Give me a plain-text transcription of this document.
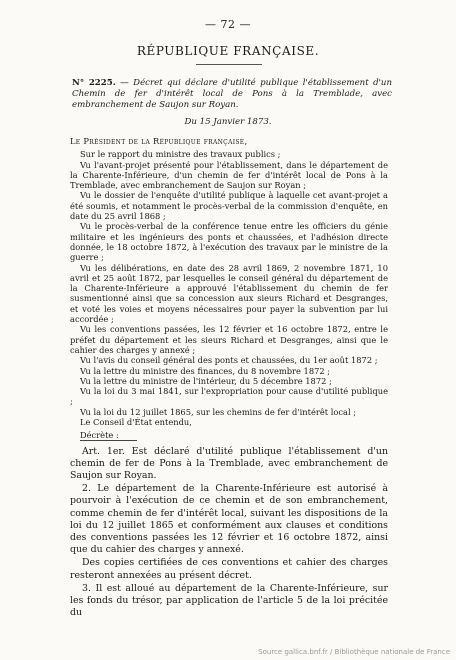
— 72 —
RÉPUBLIQUE FRANÇAISE.
N° 2225. — Décret qui déclare d'utilité publique l'établissement d'un Chemin de fer d'intérêt local de Pons à la Tremblade, avec embranchement de Saujon sur Royan.
Du 15 Janvier 1873.

Le Président de la République française,

Sur le rapport du ministre des travaux publics ;

Vu l'avant-projet présenté pour l'établissement, dans le département de la Charente-Inférieure, d'un chemin de fer d'intérêt local de Pons à la Tremblade, avec embranchement de Saujon sur Royan ;

Vu le dossier de l'enquête d'utilité publique à laquelle cet avant-projet a été soumis, et notamment le procès-verbal de la commission d'enquête, en date du 25 avril 1868 ;

Vu le procès-verbal de la conférence tenue entre les officiers du génie militaire et les ingénieurs des ponts et chaussées, et l'adhésion directe donnée, le 18 octobre 1872, à l'exécution des travaux par le ministre de la guerre ;

Vu les délibérations, en date des 28 avril 1869, 2 novembre 1871, 10 avril et 25 août 1872, par lesquelles le conseil général du département de la Charente-Inférieure a approuvé l'établissement du chemin de fer susmentionné ainsi que sa concession aux sieurs Richard et Desgranges, et voté les voies et moyens nécessaires pour payer la subvention par lui accordée ;

Vu les conventions passées, les 12 février et 16 octobre 1872, entre le préfet du département et les sieurs Richard et Desgranges, ainsi que le cahier des charges y annexé ;

Vu l'avis du conseil général des ponts et chaussées, du 1er août 1872 ;

Vu la lettre du ministre des finances, du 8 novembre 1872 ;

Vu la lettre du ministre de l'intérieur, du 5 décembre 1872 ;

Vu la loi du 3 mai 1841, sur l'expropriation pour cause d'utilité publique ;

Vu la loi du 12 juillet 1865, sur les chemins de fer d'intérêt local ;

Le Conseil d'État entendu,

Décrète :

Art. 1er. Est déclaré d'utilité publique l'établissement d'un chemin de fer de Pons à la Tremblade, avec embranchement de Saujon sur Royan.

2. Le département de la Charente-Inférieure est autorisé à pourvoir à l'exécution de ce chemin et de son embranchement, comme chemin de fer d'intérêt local, suivant les dispositions de la loi du 12 juillet 1865 et conformément aux clauses et conditions des conventions passées les 12 février et 16 octobre 1872, ainsi que du cahier des charges y annexé.

Des copies certifiées de ces conventions et cahier des charges resteront annexées au présent décret.

3. Il est alloué au département de la Charente-Inférieure, sur les fonds du trésor, par application de l'article 5 de la loi précitée du

Source gallica.bnf.fr / Bibliothèque nationale de France
